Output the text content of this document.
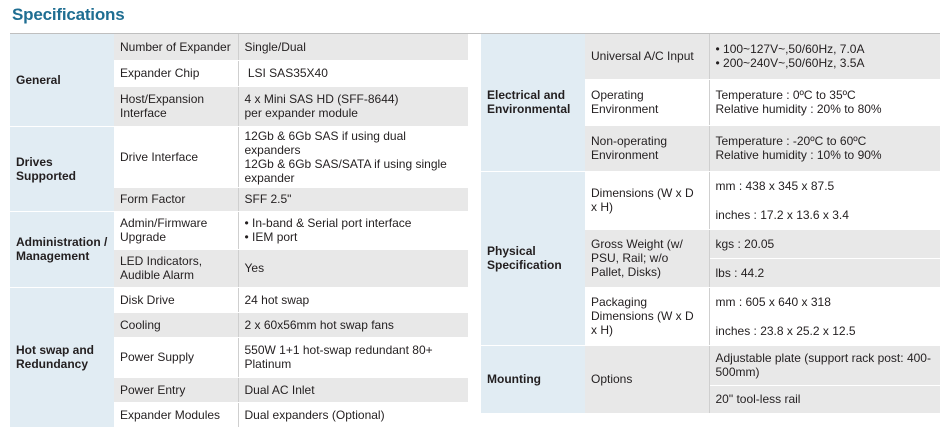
Specifications
General	Number of Expander	Single/Dual
	Expander Chip	LSI SAS35X40
	Host/Expansion Interface	4 x Mini SAS HD (SFF-8644)
per expander module

Drives Supported	Drive Interface	12Gb & 6Gb SAS if using dual expanders
12Gb & 6Gb SAS/SATA if using single expander

	Form Factor	SFF 2.5"
Administration / Management	Admin/Firmware Upgrade	• In-band & Serial port interface
• IEM port

	LED Indicators, Audible Alarm	Yes
Hot swap and Redundancy	Disk Drive	24 hot swap
	Cooling	2 x 60x56mm hot swap fans
	Power Supply	550W 1+1 hot-swap redundant 80+ Platinum
	Power Entry	Dual AC Inlet
	Expander Modules	Dual expanders (Optional)
Electrical and Environmental	Universal A/C Input	• 100~127V~,50/60Hz, 7.0A
• 200~240V~,50/60Hz, 3.5A

	Operating Environment	Temperature : 0ºC to 35ºC
Relative humidity : 20% to 80%

	Non-operating Environment	Temperature : -20ºC to 60ºC
Relative humidity : 10% to 90%

Physical Specification	Dimensions (W x D x H)	mm : 438 x 345 x 87.5
		inches : 17.2 x 13.6 x 3.4
	Gross Weight (w/ PSU, Rail; w/o Pallet, Disks)	kgs : 20.05
		lbs : 44.2
	Packaging Dimensions (W x D x H)	mm : 605 x 640 x 318
		inches : 23.8 x 25.2 x 12.5
Mounting	Options	Adjustable plate (support rack post: 400-500mm)
		20" tool-less rail
